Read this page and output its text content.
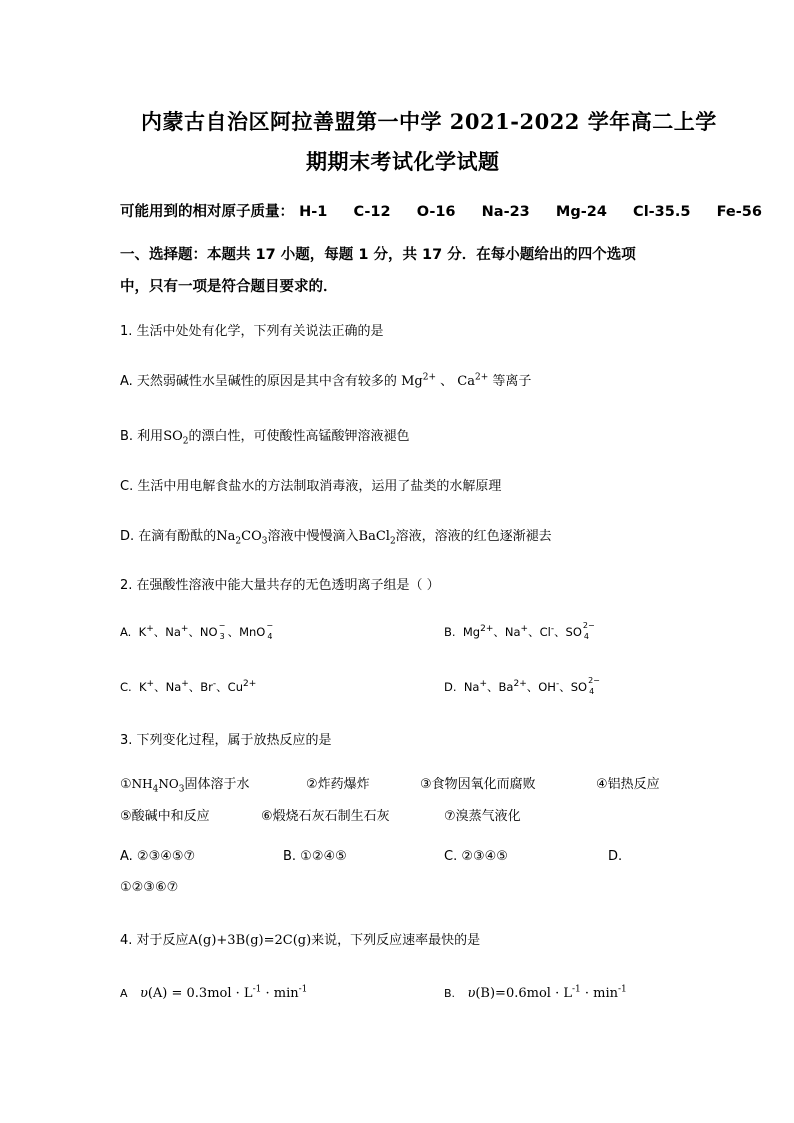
内蒙古自治区阿拉善盟第一中学 2021-2022 学年高二上学
期期末考试化学试题
可能用到的相对原子质量： H-1 C-12 O-16 Na-23 Mg-24 Cl-35.5 Fe-56
一、选择题：本题共 17 小题，每题 1 分，共 17 分．在每小题给出的四个选项
中，只有一项是符合题目要求的．
1. 生活中处处有化学，下列有关说法正确的是
A. 天然弱碱性水呈碱性的原因是其中含有较多的 $Mg^{2+}$ 、 $Ca^{2+}$ 等离子
B. 利用$SO_2$的漂白性，可使酸性高锰酸钾溶液褪色
C. 生活中用电解食盐水的方法制取消毒液，运用了盐类的水解原理
D. 在滴有酚酞的$Na_2CO_3$溶液中慢慢滴入BaCl$_2$溶液，溶液的红色逐渐褪去
2. 在强酸性溶液中能大量共存的无色透明离子组是（ ）
A.  K+、Na+、NO −
3 、MnO −
4	B.  $Mg^{2+}$、Na+、Cl-、SO 2−
4
C.  K+、Na+、Br-、$Cu^{2+}$	D.  Na+、$Ba^{2+}$、OH-、SO 2−
4
3. 下列变化过程，属于放热反应的是
$①NH_4NO_3$固体溶于水	②炸药爆炸	③食物因氧化而腐败	④铝热反应
⑤酸碱中和反应	⑥煅烧石灰石制生石灰	⑦溴蒸气液化
A. ②③④⑤⑦	B. ①②④⑤	C. ②③④⑤	D.
①②③⑥⑦
4. 对于反应A(g)+3B(g)=2C(g)来说，下列反应速率最快的是
A $\upsilon(A) = 0.3mol \cdot L^{-1} \cdot \min^{-1}$	B. $\upsilon(B)=0.6mol \cdot L^{-1} \cdot \min^{-1}$
